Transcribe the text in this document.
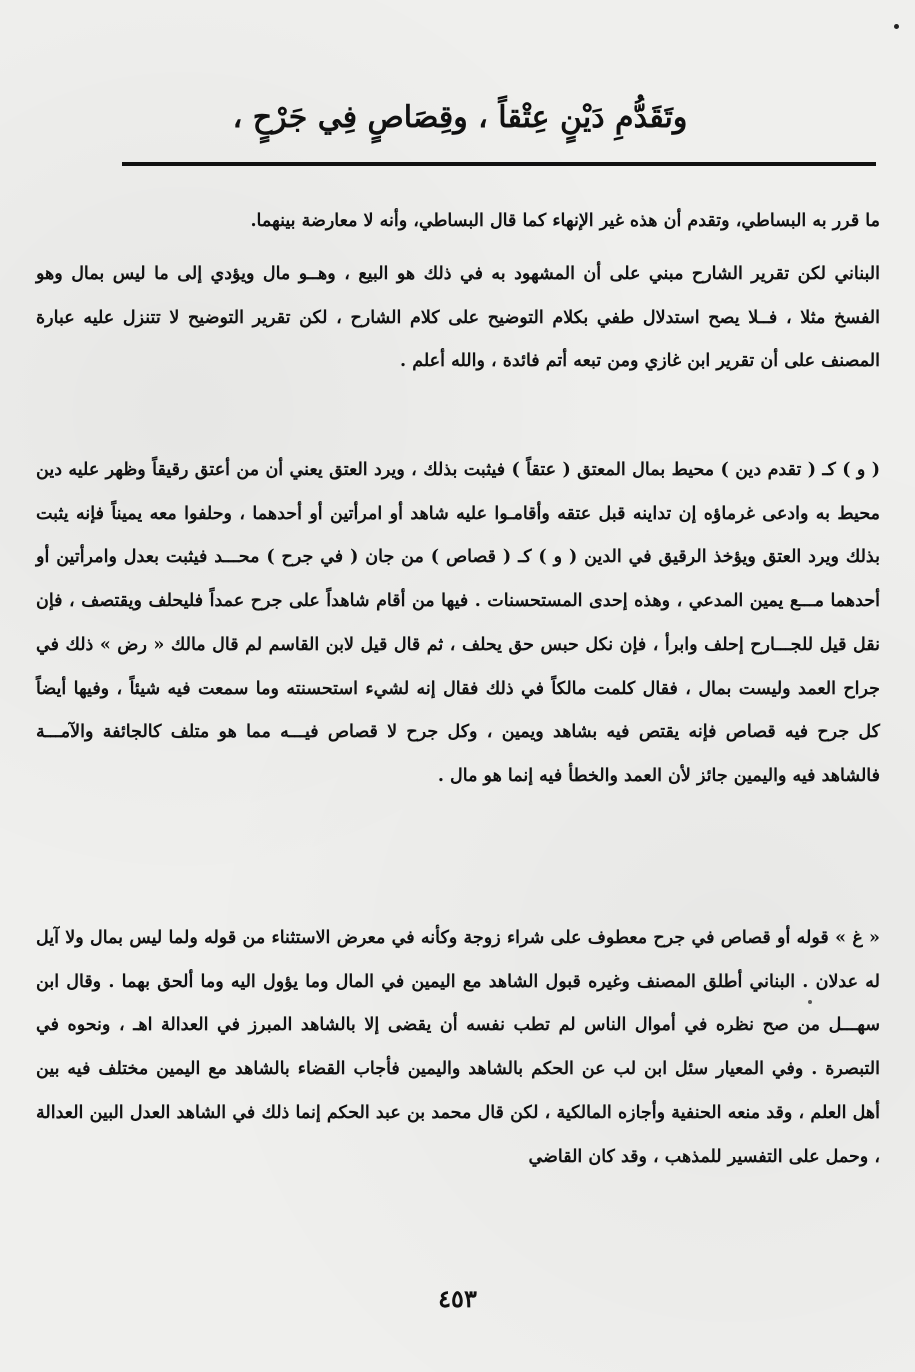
وتَقَدُّمِ دَيْنٍ عِتْقاً ، وقِصَاصٍ فِي جَرْحٍ ،
ما قرر به البساطي، وتقدم أن هذه غير الإنهاء كما قال البساطي، وأنه لا معارضة بينهما.
البناني لكن تقرير الشارح مبني على أن المشهود به في ذلك هو البيع ، وهــو مال ويؤدي إلى ما ليس بمال وهو الفسخ مثلا ، فــلا يصح استدلال طفي بكلام التوضيح على كلام الشارح ، لكن تقرير التوضيح لا تتنزل عليه عبارة المصنف على أن تقرير ابن غازي ومن تبعه أتم فائدة ، والله أعلم .
( و ) كـ ( تقدم دين ) محيط بمال المعتق ( عتقاً ) فيثبت بذلك ، ويرد العتق يعني أن من أعتق رقيقاً وظهر عليه دين محيط به وادعى غرماؤه إن تداينه قبل عتقه وأقامـوا عليه شاهد أو امرأتين أو أحدهما ، وحلفوا معه يميناً فإنه يثبت بذلك ويرد العتق ويؤخذ الرقيق في الدين ( و ) كـ ( قصاص ) من جان ( في جرح ) محـــد فيثبت بعدل وامرأتين أو أحدهما مـــع يمين المدعي ، وهذه إحدى المستحسنات . فيها من أقام شاهداً على جرح عمداً فليحلف ويقتصف ، فإن نقل قيل للجـــارح إحلف وابرأ ، فإن نكل حبس حق يحلف ، ثم قال قيل لابن القاسم لم قال مالك « رض » ذلك في جراح العمد وليست بمال ، فقال كلمت مالكاً في ذلك فقال إنه لشيء استحسنته وما سمعت فيه شيئاً ، وفيها أيضاً كل جرح فيه قصاص فإنه يقتص فيه بشاهد ويمين ، وكل جرح لا قصاص فيـــه مما هو متلف كالجائفة والآمـــة فالشاهد فيه واليمين جائز لأن العمد والخطأ فيه إنما هو مال .
« غ » قوله أو قصاص في جرح معطوف على شراء زوجة وكأنه في معرض الاستثناء من قوله ولما ليس بمال ولا آيل له عدلان . البناني أطلق المصنف وغيره قبول الشاهد مع اليمين في المال وما يؤول اليه وما ألحق بهما . وقال ابن سهـــل من صح نظره في أموال الناس لم تطب نفسه أن يقضى إلا بالشاهد المبرز في العدالة اهـ ، ونحوه في التبصرة . وفي المعيار سئل ابن لب عن الحكم بالشاهد واليمين فأجاب القضاء بالشاهد مع اليمين مختلف فيه بين أهل العلم ، وقد منعه الحنفية وأجازه المالكية ، لكن قال محمد بن عبد الحكم إنما ذلك في الشاهد العدل البين العدالة ، وحمل على التفسير للمذهب ، وقد كان القاضي
٤٥٣
